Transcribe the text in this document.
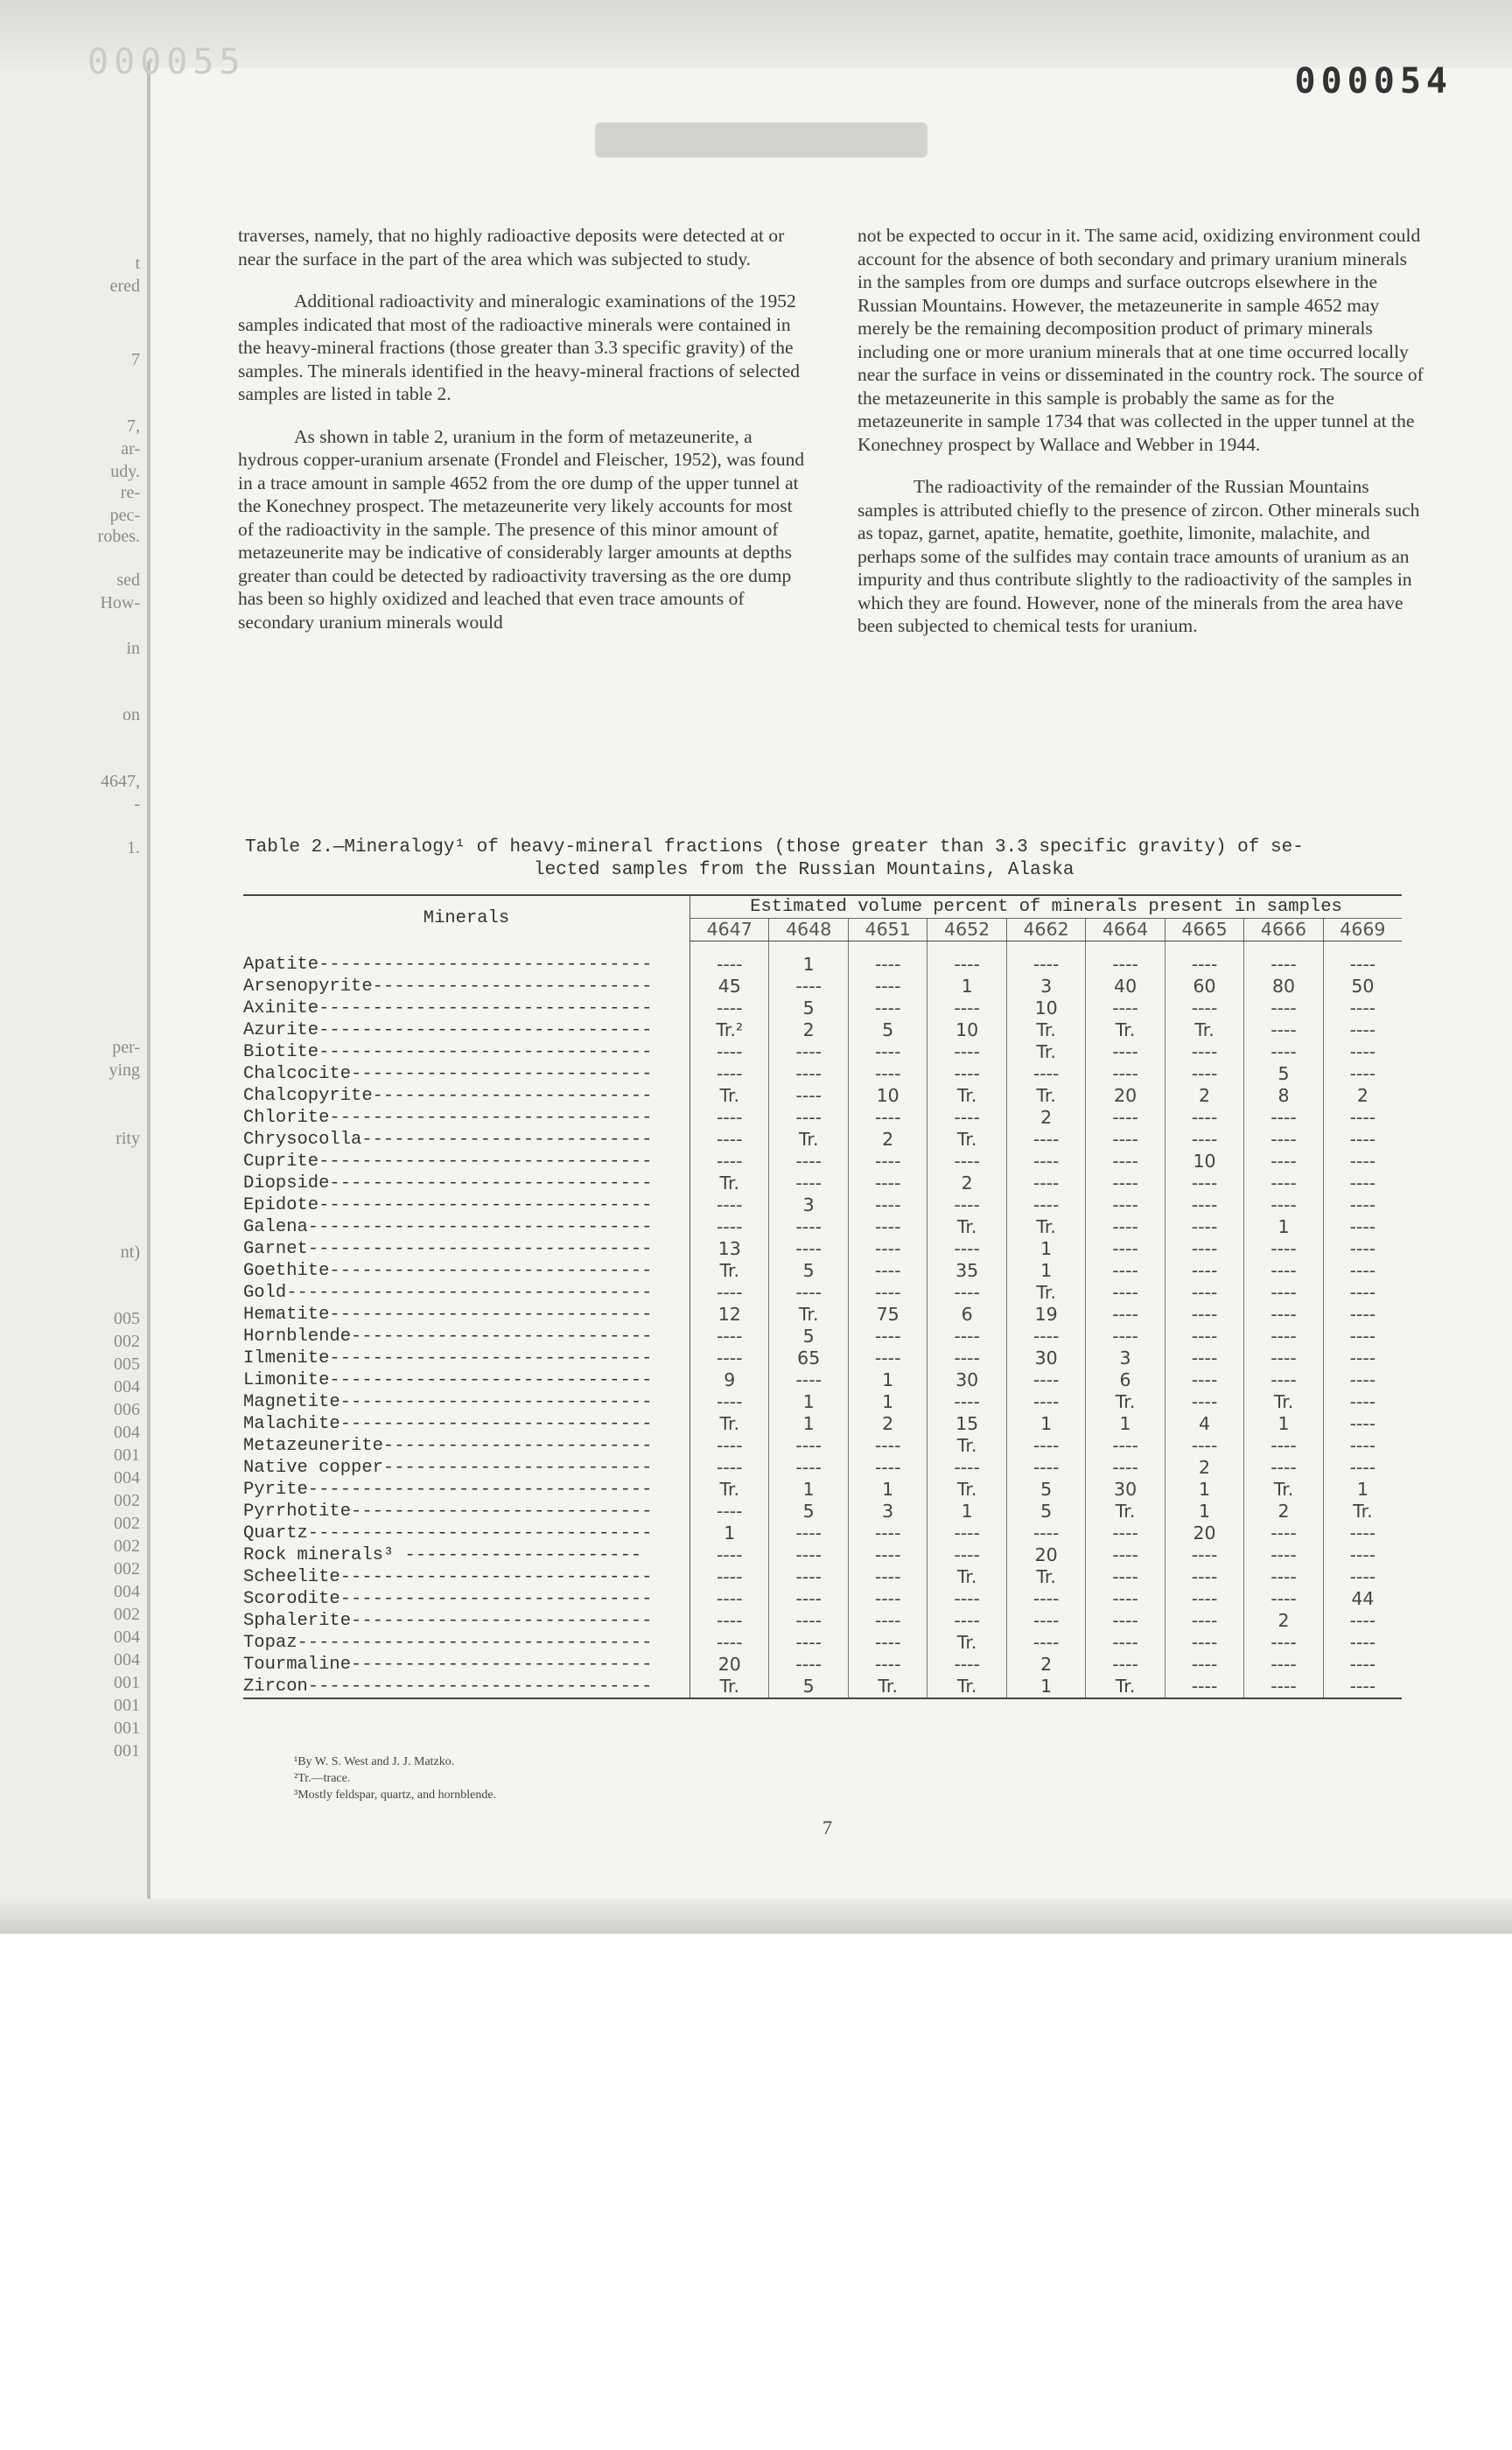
t
ered
7
7,
ar-
udy.
re-
pec-
robes.
sed
How-
in
on
4647,
-
1.
per-
ying
rity
nt)
005
002
005
004
006
004
001
004
002
002
002
002
004
002
004
004
001
001
001
001
000055	000054

traverses, namely, that no highly radioactive deposits were detected at or near the surface in the part of the area which was subjected to study.

Additional radioactivity and mineralogic examinations of the 1952 samples indicated that most of the radioactive minerals were contained in the heavy-mineral fractions (those greater than 3.3 specific gravity) of the samples. The minerals identified in the heavy-mineral fractions of selected samples are listed in table 2.

As shown in table 2, uranium in the form of metazeunerite, a hydrous copper-uranium arsenate (Frondel and Fleischer, 1952), was found in a trace amount in sample 4652 from the ore dump of the upper tunnel at the Konechney prospect. The metazeunerite very likely accounts for most of the radioactivity in the sample. The presence of this minor amount of metazeunerite may be indicative of considerably larger amounts at depths greater than could be detected by radioactivity traversing as the ore dump has been so highly oxidized and leached that even trace amounts of secondary uranium minerals would

not be expected to occur in it. The same acid, oxidizing environment could account for the absence of both secondary and primary uranium minerals in the samples from ore dumps and surface outcrops elsewhere in the Russian Mountains. However, the metazeunerite in sample 4652 may merely be the remaining decomposition product of primary minerals including one or more uranium minerals that at one time occurred locally near the surface in veins or disseminated in the country rock. The source of the metazeunerite in this sample is probably the same as for the metazeunerite in sample 1734 that was collected in the upper tunnel at the Konechney prospect by Wallace and Webber in 1944.

The radioactivity of the remainder of the Russian Mountains samples is attributed chiefly to the presence of zircon. Other minerals such as topaz, garnet, apatite, hematite, goethite, limonite, malachite, and perhaps some of the sulfides may contain trace amounts of uranium as an impurity and thus contribute slightly to the radioactivity of the samples in which they are found. However, none of the minerals from the area have been subjected to chemical tests for uranium.

Table 2.—Mineralogy¹ of heavy-mineral fractions (those greater than 3.3 specific gravity) of se-
lected samples from the Russian Mountains, Alaska
Minerals	Estimated volume percent of minerals present in samples								
	4647	4648	4651	4652	4662	4664	4665	4666	4669

Apatite-------------------------------	----	1	----	----	----	----	----	----	----
Arsenopyrite--------------------------	45	----	----	1	3	40	60	80	50
Axinite-------------------------------	----	5	----	----	10	----	----	----	----
Azurite-------------------------------	Tr.²	2	5	10	Tr.	Tr.	Tr.	----	----
Biotite-------------------------------	----	----	----	----	Tr.	----	----	----	----
Chalcocite----------------------------	----	----	----	----	----	----	----	5	----
Chalcopyrite--------------------------	Tr.	----	10	Tr.	Tr.	20	2	8	2
Chlorite------------------------------	----	----	----	----	2	----	----	----	----
Chrysocolla---------------------------	----	Tr.	2	Tr.	----	----	----	----	----
Cuprite-------------------------------	----	----	----	----	----	----	10	----	----
Diopside------------------------------	Tr.	----	----	2	----	----	----	----	----
Epidote-------------------------------	----	3	----	----	----	----	----	----	----
Galena--------------------------------	----	----	----	Tr.	Tr.	----	----	1	----
Garnet--------------------------------	13	----	----	----	1	----	----	----	----
Goethite------------------------------	Tr.	5	----	35	1	----	----	----	----
Gold----------------------------------	----	----	----	----	Tr.	----	----	----	----
Hematite------------------------------	12	Tr.	75	6	19	----	----	----	----
Hornblende----------------------------	----	5	----	----	----	----	----	----	----
Ilmenite------------------------------	----	65	----	----	30	3	----	----	----
Limonite------------------------------	9	----	1	30	----	6	----	----	----
Magnetite-----------------------------	----	1	1	----	----	Tr.	----	Tr.	----
Malachite-----------------------------	Tr.	1	2	15	1	1	4	1	----
Metazeunerite-------------------------	----	----	----	Tr.	----	----	----	----	----
Native copper-------------------------	----	----	----	----	----	----	2	----	----
Pyrite--------------------------------	Tr.	1	1	Tr.	5	30	1	Tr.	1
Pyrrhotite----------------------------	----	5	3	1	5	Tr.	1	2	Tr.
Quartz--------------------------------	1	----	----	----	----	----	20	----	----
Rock minerals³ ----------------------	----	----	----	----	20	----	----	----	----
Scheelite-----------------------------	----	----	----	Tr.	Tr.	----	----	----	----
Scorodite-----------------------------	----	----	----	----	----	----	----	----	44
Sphalerite----------------------------	----	----	----	----	----	----	----	2	----
Topaz---------------------------------	----	----	----	Tr.	----	----	----	----	----
Tourmaline----------------------------	20	----	----	----	2	----	----	----	----
Zircon--------------------------------	Tr.	5	Tr.	Tr.	1	Tr.	----	----	----
¹By W. S. West and J. J. Matzko.
²Tr.—trace.
³Mostly feldspar, quartz, and hornblende.
7
